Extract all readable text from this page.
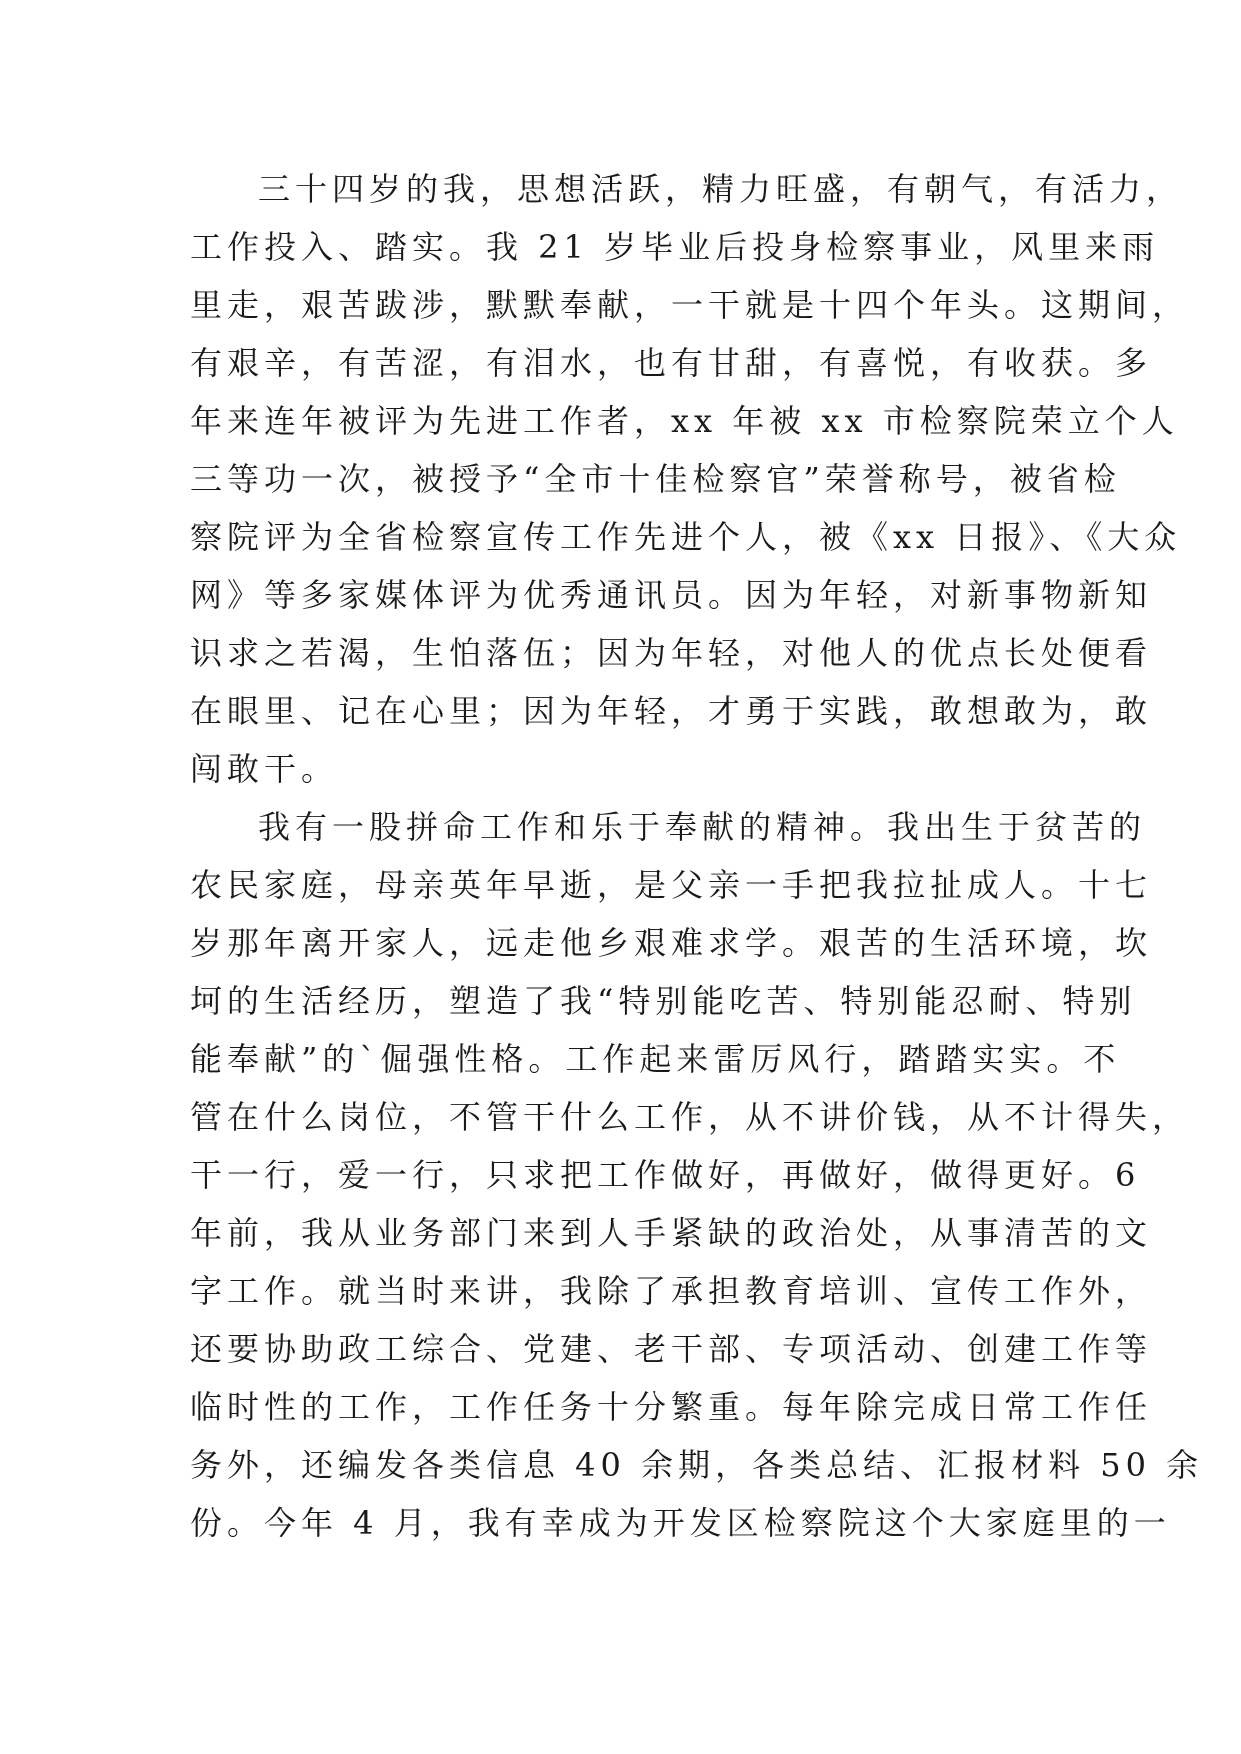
三十四岁的我，思想活跃，精力旺盛，有朝气，有活力，
工作投入、踏实。我 21 岁毕业后投身检察事业，风里来雨
里走，艰苦跋涉，默默奉献，一干就是十四个年头。这期间，
有艰辛，有苦涩，有泪水，也有甘甜，有喜悦，有收获。多
年来连年被评为先进工作者，xx 年被 xx 市检察院荣立个人
三等功一次，被授予“全市十佳检察官”荣誉称号，被省检
察院评为全省检察宣传工作先进个人，被《xx 日报》、《大众
网》等多家媒体评为优秀通讯员。因为年轻，对新事物新知
识求之若渴，生怕落伍；因为年轻，对他人的优点长处便看
在眼里、记在心里；因为年轻，才勇于实践，敢想敢为，敢
闯敢干。
我有一股拼命工作和乐于奉献的精神。我出生于贫苦的
农民家庭，母亲英年早逝，是父亲一手把我拉扯成人。十七
岁那年离开家人，远走他乡艰难求学。艰苦的生活环境，坎
坷的生活经历，塑造了我“特别能吃苦、特别能忍耐、特别
能奉献”的`倔强性格。工作起来雷厉风行，踏踏实实。不
管在什么岗位，不管干什么工作，从不讲价钱，从不计得失，
干一行，爱一行，只求把工作做好，再做好，做得更好。6
年前，我从业务部门来到人手紧缺的政治处，从事清苦的文
字工作。就当时来讲，我除了承担教育培训、宣传工作外，
还要协助政工综合、党建、老干部、专项活动、创建工作等
临时性的工作，工作任务十分繁重。每年除完成日常工作任
务外，还编发各类信息 40 余期，各类总结、汇报材料 50 余
份。今年 4 月，我有幸成为开发区检察院这个大家庭里的一
